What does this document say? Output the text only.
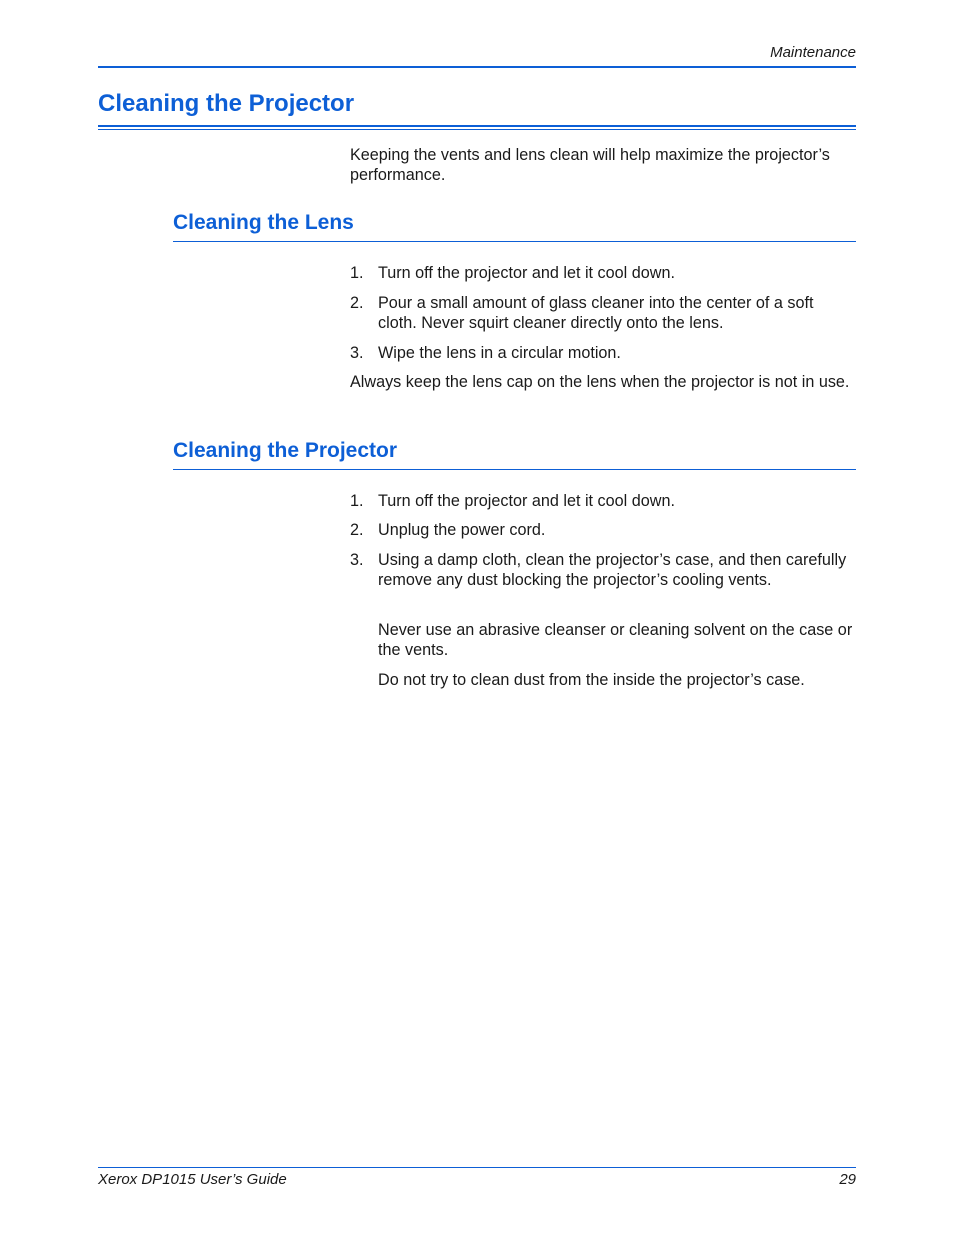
Maintenance
Cleaning the Projector

Keeping the vents and lens clean will help maximize the projector’s performance.

Cleaning the Lens
1. Turn off the projector and let it cool down.
2. Pour a small amount of glass cleaner into the center of a soft cloth. Never squirt cleaner directly onto the lens.
3. Wipe the lens in a circular motion.

Always keep the lens cap on the lens when the projector is not in use.

Cleaning the Projector
1. Turn off the projector and let it cool down.
2. Unplug the power cord.
3. Using a damp cloth, clean the projector’s case, and then carefully remove any dust blocking the projector’s cooling vents.

Never use an abrasive cleanser or cleaning solvent on the case or the vents.

Do not try to clean dust from the inside the projector’s case.

Xerox DP1015 User’s Guide	29
